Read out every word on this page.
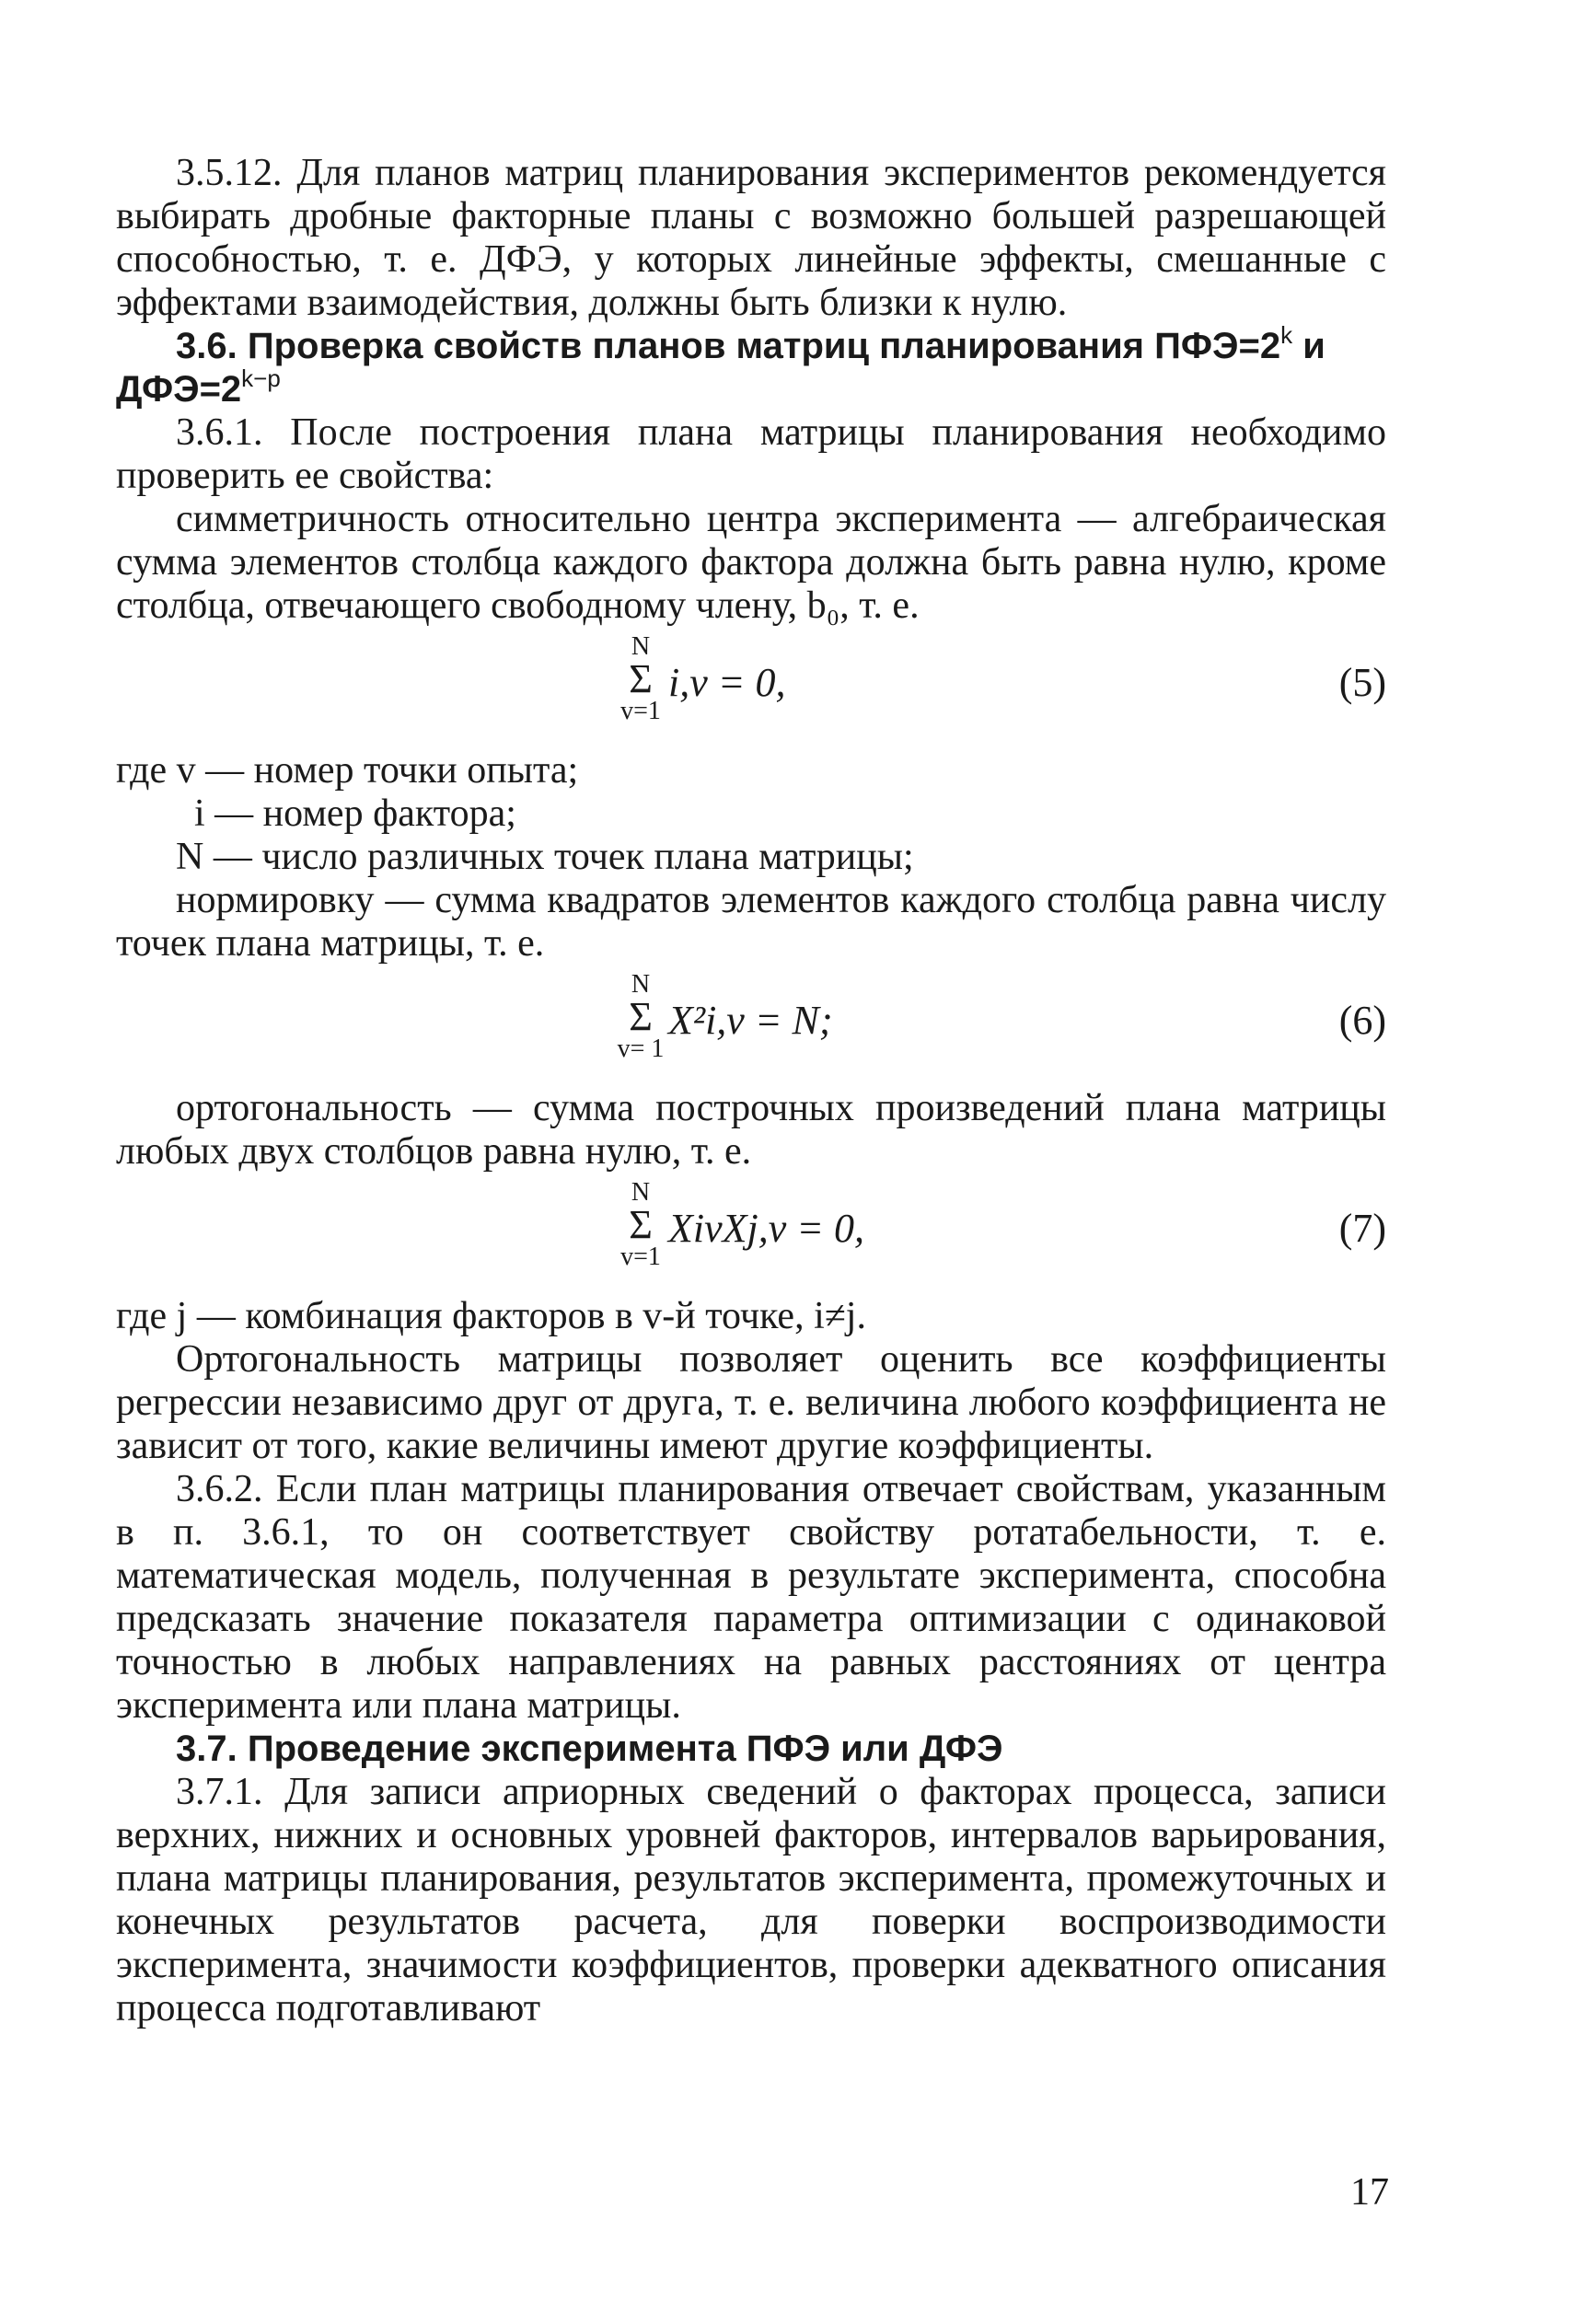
3.5.12. Для планов матриц планирования экспериментов рекомендуется выбирать дробные факторные планы с возможно большей разрешающей способностью, т. е. ДФЭ, у которых линейные эффекты, смешанные с эффектами взаимодействия, должны быть близки к нулю.

3.6. Проверка свойств планов матриц планирования $ПФЭ=2^k$ и $ДФЭ=2^{k-p}$

3.6.1. После построения плана матрицы планирования необходимо проверить ее свойства:

симметричность относительно центра эксперимента — алгебраическая сумма элементов столбца каждого фактора должна быть равна нулю, кроме столбца, отвечающего свободному члену, b₀, т. е.

N
Σ
v=1
i,v = 0,	(5)

где v — номер точки опыта;

i — номер фактора;

N — число различных точек плана матрицы;

нормировку — сумма квадратов элементов каждого столбца равна числу точек плана матрицы, т. е.

N
Σ
v= 1
X²i,v = N;	(6)

ортогональность — сумма построчных произведений плана матрицы любых двух столбцов равна нулю, т. е.

N
Σ
v=1
XivXj,v = 0,	(7)

где j — комбинация факторов в v-й точке, i≠j.

Ортогональность матрицы позволяет оценить все коэффициенты регрессии независимо друг от друга, т. е. величина любого коэффициента не зависит от того, какие величины имеют другие коэффициенты.

3.6.2. Если план матрицы планирования отвечает свойствам, указанным в п. 3.6.1, то он соответствует свойству ротатабельности, т. е. математическая модель, полученная в результате эксперимента, способна предсказать значение показателя параметра оптимизации с одинаковой точностью в любых направлениях на равных расстояниях от центра эксперимента или плана матрицы.

3.7. Проведение эксперимента ПФЭ или ДФЭ

3.7.1. Для записи априорных сведений о факторах процесса, записи верхних, нижних и основных уровней факторов, интервалов варьирования, плана матрицы планирования, результатов эксперимента, промежуточных и конечных результатов расчета, для поверки воспроизводимости эксперимента, значимости коэффициентов, проверки адекватного описания процесса подготавливают

17
